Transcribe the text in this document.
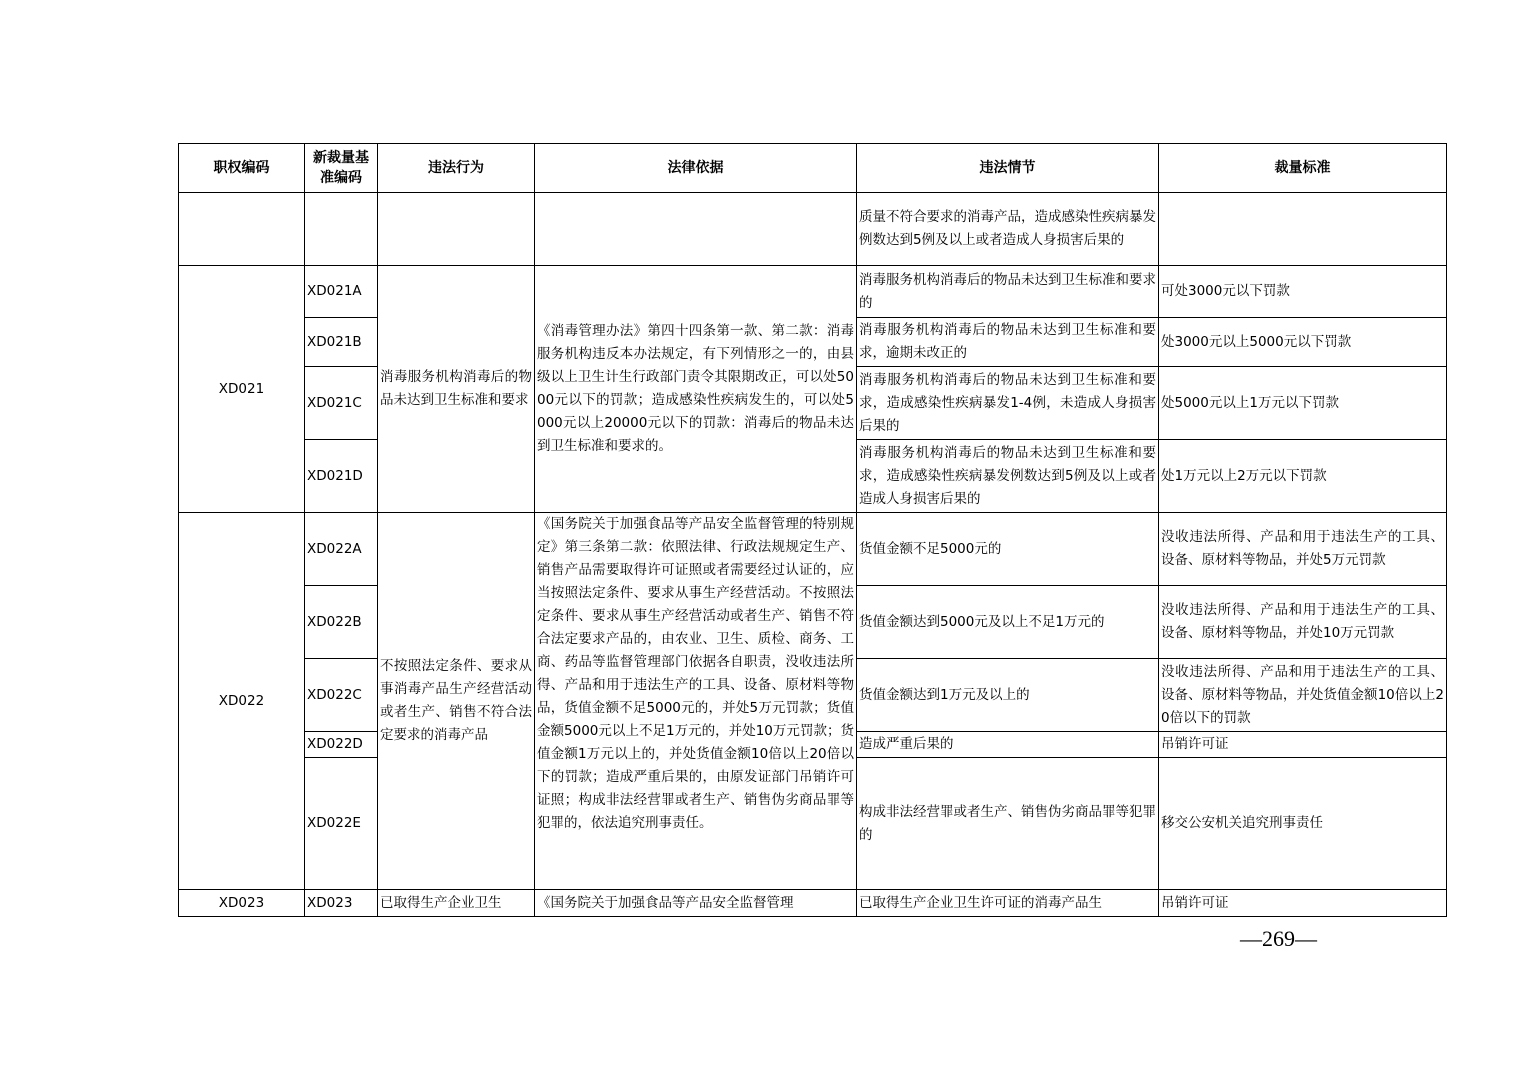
职权编码	新裁量基准编码	违法行为	法律依据	违法情节	裁量标准
				质量不符合要求的消毒产品，造成感染性疾病暴发例数达到5例及以上或者造成人身损害后果的	
XD021	XD021A	消毒服务机构消毒后的物品未达到卫生标准和要求	《消毒管理办法》第四十四条第一款、第二款：消毒服务机构违反本办法规定，有下列情形之一的，由县级以上卫生计生行政部门责令其限期改正，可以处5000元以下的罚款；造成感染性疾病发生的，可以处5000元以上20000元以下的罚款：消毒后的物品未达到卫生标准和要求的。	消毒服务机构消毒后的物品未达到卫生标准和要求的	可处3000元以下罚款
	XD021B			消毒服务机构消毒后的物品未达到卫生标准和要求，逾期未改正的	处3000元以上5000元以下罚款
	XD021C			消毒服务机构消毒后的物品未达到卫生标准和要求，造成感染性疾病暴发1-4例，未造成人身损害后果的	处5000元以上1万元以下罚款
	XD021D			消毒服务机构消毒后的物品未达到卫生标准和要求，造成感染性疾病暴发例数达到5例及以上或者造成人身损害后果的	处1万元以上2万元以下罚款
XD022	XD022A	不按照法定条件、要求从事消毒产品生产经营活动或者生产、销售不符合法定要求的消毒产品	《国务院关于加强食品等产品安全监督管理的特别规定》第三条第二款：依照法律、行政法规规定生产、销售产品需要取得许可证照或者需要经过认证的，应当按照法定条件、要求从事生产经营活动。不按照法定条件、要求从事生产经营活动或者生产、销售不符合法定要求产品的，由农业、卫生、质检、商务、工商、药品等监督管理部门依据各自职责，没收违法所得、产品和用于违法生产的工具、设备、原材料等物品，货值金额不足5000元的，并处5万元罚款；货值金额5000元以上不足1万元的，并处10万元罚款；货值金额1万元以上的，并处货值金额10倍以上20倍以下的罚款；造成严重后果的，由原发证部门吊销许可证照；构成非法经营罪或者生产、销售伪劣商品罪等犯罪的，依法追究刑事责任。	货值金额不足5000元的	没收违法所得、产品和用于违法生产的工具、设备、原材料等物品，并处5万元罚款
	XD022B			货值金额达到5000元及以上不足1万元的	没收违法所得、产品和用于违法生产的工具、设备、原材料等物品，并处10万元罚款
	XD022C			货值金额达到1万元及以上的	没收违法所得、产品和用于违法生产的工具、设备、原材料等物品，并处货值金额10倍以上20倍以下的罚款
	XD022D			造成严重后果的	吊销许可证
	XD022E			构成非法经营罪或者生产、销售伪劣商品罪等犯罪的	移交公安机关追究刑事责任
XD023	XD023	已取得生产企业卫生	《国务院关于加强食品等产品安全监督管理	已取得生产企业卫生许可证的消毒产品生	吊销许可证
—269—
